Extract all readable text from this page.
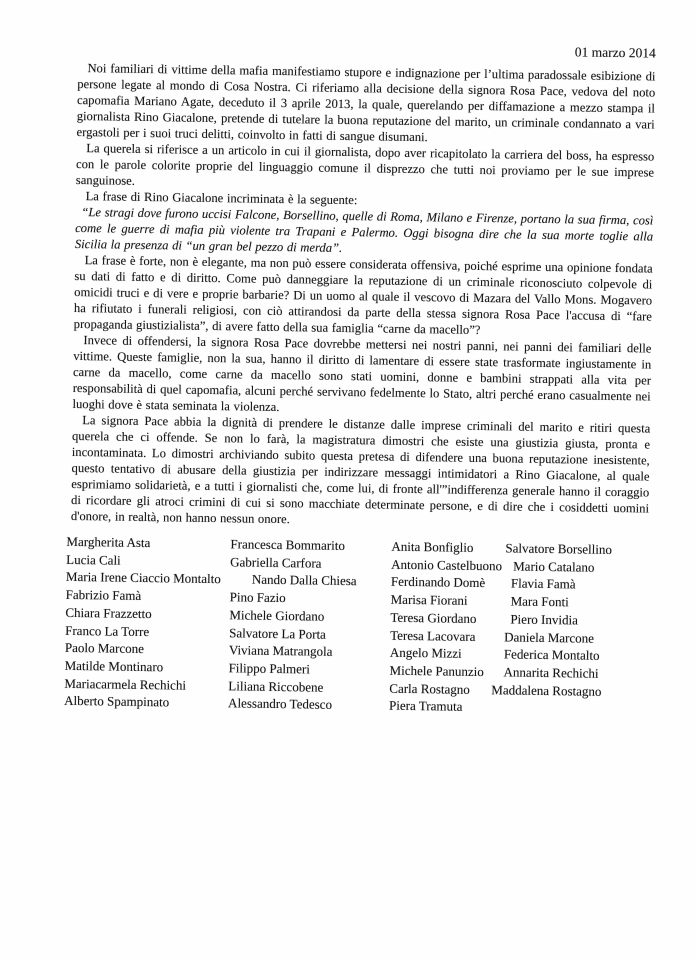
01 marzo 2014

Noi familiari di vittime della mafia manifestiamo stupore e indignazione per l’ultima paradossale esibizione di persone legate al mondo di Cosa Nostra. Ci riferiamo alla decisione della signora Rosa Pace, vedova del noto capomafia Mariano Agate, deceduto il 3 aprile 2013, la quale, querelando per diffamazione a mezzo stampa il giornalista Rino Giacalone, pretende di tutelare la buona reputazione del marito, un criminale condannato a vari ergastoli per i suoi truci delitti, coinvolto in fatti di sangue disumani.

La querela si riferisce a un articolo in cui il giornalista, dopo aver ricapitolato la carriera del boss, ha espresso con le parole colorite proprie del linguaggio comune il disprezzo che tutti noi proviamo per le sue imprese sanguinose.

La frase di Rino Giacalone incriminata è la seguente:

“Le stragi dove furono uccisi Falcone, Borsellino, quelle di Roma, Milano e Firenze, portano la sua firma, così come le guerre di mafia più violente tra Trapani e Palermo. Oggi bisogna dire che la sua morte toglie alla Sicilia la presenza di “un gran bel pezzo di merda”.

La frase è forte, non è elegante, ma non può essere considerata offensiva, poiché esprime una opinione fondata su dati di fatto e di diritto. Come può danneggiare la reputazione di un criminale riconosciuto colpevole di omicidi truci e di vere e proprie barbarie? Di un uomo al quale il vescovo di Mazara del Vallo Mons. Mogavero ha rifiutato i funerali religiosi, con ciò attirandosi da parte della stessa signora Rosa Pace l'accusa di “fare propaganda giustizialista”, di avere fatto della sua famiglia “carne da macello”?

Invece di offendersi, la signora Rosa Pace dovrebbe mettersi nei nostri panni, nei panni dei familiari delle vittime. Queste famiglie, non la sua, hanno il diritto di lamentare di essere state trasformate ingiustamente in carne da macello, come carne da macello sono stati uomini, donne e bambini strappati alla vita per responsabilità di quel capomafia, alcuni perché servivano fedelmente lo Stato, altri perché erano casualmente nei luoghi dove è stata seminata la violenza.

La signora Pace abbia la dignità di prendere le distanze dalle imprese criminali del marito e ritiri questa querela che ci offende. Se non lo farà, la magistratura dimostri che esiste una giustizia giusta, pronta e incontaminata. Lo dimostri archiviando subito questa pretesa di difendere una buona reputazione inesistente, questo tentativo di abusare della giustizia per indirizzare messaggi intimidatori a Rino Giacalone, al quale esprimiamo solidarietà, e a tutti i giornalisti che, come lui, di fronte all'”indifferenza generale hanno il coraggio di ricordare gli atroci crimini di cui si sono macchiate determinate persone, e di dire che i cosiddetti uomini d'onore, in realtà, non hanno nessun onore.

Margherita Asta
Lucia Cali
Maria Irene Ciaccio Montalto
Fabrizio Famà
Chiara Frazzetto
Franco La Torre
Paolo Marcone
Matilde Montinaro
Mariacarmela Rechichi
Alberto Spampinato
Francesca Bommarito
Gabriella Carfora
Nando Dalla Chiesa
Pino Fazio
Michele Giordano
Salvatore La Porta
Viviana Matrangola
Filippo Palmeri
Liliana Riccobene
Alessandro Tedesco
Anita Bonfiglio
Antonio Castelbuono
Ferdinando Domè
Marisa Fiorani
Teresa Giordano
Teresa Lacovara
Angelo Mizzi
Michele Panunzio
Carla Rostagno
Piera Tramuta
Salvatore Borsellino
Mario Catalano
Flavia Famà
Mara Fonti
Piero Invidia
Daniela Marcone
Federica Montalto
Annarita Rechichi
Maddalena Rostagno
